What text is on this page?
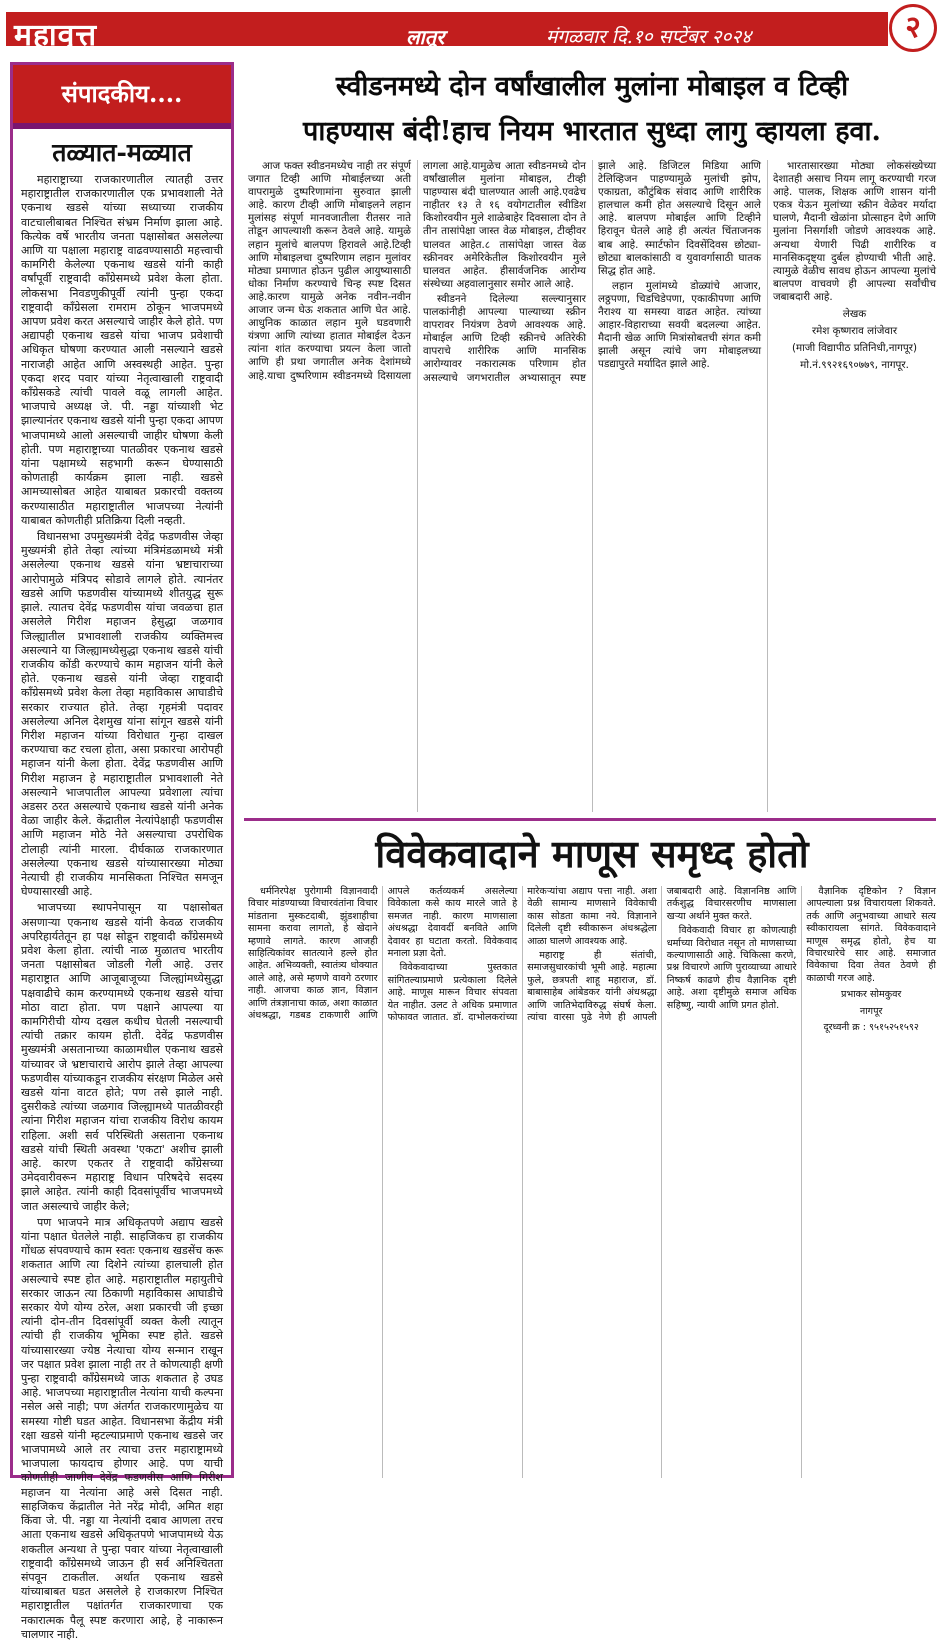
महावृत्त	लातूर	मंगळवार दि.१० सप्टेंबर २०२४	२
संपादकीय....
तळ्यात-मळ्यात

महाराष्ट्राच्या राजकारणातील त्यातही उत्तर महाराष्ट्रातील राजकारणातील एक प्रभावशाली नेते एकनाथ खडसे यांच्या सध्याच्या राजकीय वाटचालीबाबत निश्चित संभ्रम निर्माण झाला आहे. कित्येक वर्षे भारतीय जनता पक्षासोबत असलेल्या आणि या पक्षाला महाराष्ट्र वाढवण्यासाठी महत्त्वाची कामगिरी केलेल्या एकनाथ खडसे यांनी काही वर्षांपूर्वी राष्ट्रवादी काँग्रेसमध्ये प्रवेश केला होता. लोकसभा निवडणुकीपूर्वी त्यांनी पुन्हा एकदा राष्ट्रवादी काँग्रेसला रामराम ठोकून भाजपमध्ये आपण प्रवेश करत असल्याचे जाहीर केले होते. पण अद्यापही एकनाथ खडसे यांचा भाजप प्रवेशाची अधिकृत घोषणा करण्यात आली नसल्याने खडसे नाराजही आहेत आणि अस्वस्थही आहेत. पुन्हा एकदा शरद पवार यांच्या नेतृत्वाखाली राष्ट्रवादी काँग्रेसकडे त्यांची पावले वळू लागली आहेत. भाजपाचे अध्यक्ष जे. पी. नड्डा यांच्याशी भेट झाल्यानंतर एकनाथ खडसे यांनी पुन्हा एकदा आपण भाजपामध्ये आलो असल्याची जाहीर घोषणा केली होती. पण महाराष्ट्राच्या पातळीवर एकनाथ खडसे यांना पक्षामध्ये सहभागी करून घेण्यासाठी कोणताही कार्यक्रम झाला नाही. खडसे आमच्यासोबत आहेत याबाबत प्रकारची वक्तव्य करण्यासाठीत महाराष्ट्रातील भाजपच्या नेत्यांनी याबाबत कोणतीही प्रतिक्रिया दिली नव्हती.

विधानसभा उपमुख्यमंत्री देवेंद्र फडणवीस जेव्हा मुख्यमंत्री होते तेव्हा त्यांच्या मंत्रिमंडळामध्ये मंत्री असलेल्या एकनाथ खडसे यांना भ्रष्टाचाराच्या आरोपामुळे मंत्रिपद सोडावे लागले होते. त्यानंतर खडसे आणि फडणवीस यांच्यामध्ये शीतयुद्ध सुरू झाले. त्यातच देवेंद्र फडणवीस यांचा जवळचा हात असलेले गिरीश महाजन हेसुद्धा जळगाव जिल्ह्यातील प्रभावशाली राजकीय व्यक्तिमत्त्व असल्याने या जिल्ह्यामध्येसुद्धा एकनाथ खडसे यांची राजकीय कोंडी करण्याचे काम महाजन यांनी केले होते. एकनाथ खडसे यांनी जेव्हा राष्ट्रवादी काँग्रेसमध्ये प्रवेश केला तेव्हा महाविकास आघाडीचे सरकार राज्यात होते. तेव्हा गृहमंत्री पदावर असलेल्या अनिल देशमुख यांना सांगून खडसे यांनी गिरीश महाजन यांच्या विरोधात गुन्हा दाखल करण्याचा कट रचला होता, असा प्रकारचा आरोपही महाजन यांनी केला होता. देवेंद्र फडणवीस आणि गिरीश महाजन हे महाराष्ट्रातील प्रभावशाली नेते असल्याने भाजपातील आपल्या प्रवेशाला त्यांचा अडसर ठरत असल्याचे एकनाथ खडसे यांनी अनेक वेळा जाहीर केले. केंद्रातील नेत्यांपेक्षाही फडणवीस आणि महाजन मोठे नेते असल्याचा उपरोधिक टोलाही त्यांनी मारला. दीर्घकाळ राजकारणात असलेल्या एकनाथ खडसे यांच्यासारख्या मोठ्या नेत्याची ही राजकीय मानसिकता निश्चित समजून घेण्यासारखी आहे.

भाजपच्या स्थापनेपासून या पक्षासोबत असणाऱ्या एकनाथ खडसे यांनी केवळ राजकीय अपरिहार्यतेतून हा पक्ष सोडून राष्ट्रवादी काँग्रेसमध्ये प्रवेश केला होता. त्यांची नाळ मुळातच भारतीय जनता पक्षासोबत जोडली गेली आहे. उत्तर महाराष्ट्रात आणि आजूबाजूच्या जिल्ह्यांमध्येसुद्धा पक्षवाढीचे काम करण्यामध्ये एकनाथ खडसे यांचा मोठा वाटा होता. पण पक्षाने आपल्या या कामगिरीची योग्य दखल कधीच घेतली नसल्याची त्यांची तक्रार कायम होती. देवेंद्र फडणवीस मुख्यमंत्री असतानाच्या काळामधील एकनाथ खडसे यांच्यावर जे भ्रष्टाचाराचे आरोप झाले तेव्हा आपल्या फडणवीस यांच्याकडून राजकीय संरक्षण मिळेल असे खडसे यांना वाटत होते; पण तसे झाले नाही. दुसरीकडे त्यांच्या जळगाव जिल्ह्यामध्ये पातळीवरही त्यांना गिरीश महाजन यांचा राजकीय विरोध कायम राहिला. अशी सर्व परिस्थिती असताना एकनाथ खडसे यांची स्थिती अवस्था 'एकटा' अशीच झाली आहे. कारण एकतर ते राष्ट्रवादी काँग्रेसच्या उमेदवारीवरून महाराष्ट्र विधान परिषदेचे सदस्य झाले आहेत. त्यांनी काही दिवसांपूर्वीच भाजपमध्ये जात असल्याचे जाहीर केले;

पण भाजपने मात्र अधिकृतपणे अद्याप खडसे यांना पक्षात घेतलेले नाही. साहजिकच हा राजकीय गोंधळ संपवण्याचे काम स्वतः एकनाथ खडसेंच करू शकतात आणि त्या दिशेने त्यांच्या हालचाली होत असल्याचे स्पष्ट होत आहे. महाराष्ट्रातील महायुतीचे सरकार जाऊन त्या ठिकाणी महाविकास आघाडीचे सरकार येणे योग्य ठरेल, अशा प्रकारची जी इच्छा त्यांनी दोन-तीन दिवसांपूर्वी व्यक्त केली त्यातून त्यांची ही राजकीय भूमिका स्पष्ट होते. खडसे यांच्यासारख्या ज्येष्ठ नेत्याचा योग्य सन्मान राखून जर पक्षात प्रवेश झाला नाही तर ते कोणत्याही क्षणी पुन्हा राष्ट्रवादी काँग्रेसमध्ये जाऊ शकतात हे उघड आहे. भाजपच्या महाराष्ट्रातील नेत्यांना याची कल्पना नसेल असे नाही; पण अंतर्गत राजकारणामुळेच या समस्या गोष्टी घडत आहेत. विधानसभा केंद्रीय मंत्री रक्षा खडसे यांनी म्हटल्याप्रमाणे एकनाथ खडसे जर भाजपामध्ये आले तर त्याचा उत्तर महाराष्ट्रामध्ये भाजपाला फायदाच होणार आहे. पण याची कोणतीही जाणीव देवेंद्र फडणवीस आणि गिरीश महाजन या नेत्यांना आहे असे दिसत नाही. साहजिकच केंद्रातील नेते नरेंद्र मोदी, अमित शहा किंवा जे. पी. नड्डा या नेत्यांनी दबाव आणला तरच आता एकनाथ खडसे अधिकृतपणे भाजपामध्ये येऊ शकतील अन्यथा ते पुन्हा पवार यांच्या नेतृत्वाखाली राष्ट्रवादी काँग्रेसमध्ये जाऊन ही सर्व अनिश्चितता संपवून टाकतील. अर्थात एकनाथ खडसे यांच्याबाबत घडत असलेले हे राजकारण निश्चित महाराष्ट्रातील पक्षांतर्गत राजकारणाचा एक नकारात्मक पैलू स्पष्ट करणारा आहे, हे नाकारून चालणार नाही.

स्वीडनमध्ये दोन वर्षांखालील मुलांना मोबाइल व टिव्ही
पाहण्यास बंदी!हाच नियम भारतात सुध्दा लागु व्हायला हवा.

आज फक्त स्वीडनमध्येच नाही तर संपूर्ण जगात टिव्ही आणि मोबाईलच्या अती वापरामुळे दुष्परिणामांना सुरुवात झाली आहे. कारण टीव्ही आणि मोबाइलने लहान मुलांसह संपूर्ण मानवजातीला रीतसर नाते तोडून आपल्याशी करून ठेवले आहे. यामुळे लहान मुलांचे बालपण हिरावले आहे.टिव्ही आणि मोबाइलचा दुष्परिणाम लहान मुलांवर मोठ्या प्रमाणात होऊन पुढील आयुष्यासाठी धोका निर्माण करण्याचे चिन्ह स्पष्ट दिसत आहे.कारण यामुळे अनेक नवीन-नवीन आजार जन्म घेऊ शकतात आणि घेत आहे. आधुनिक काळात लहान मुले घडवणारी यंत्रणा आणि त्यांच्या हातात मोबाईल देऊन त्यांना शांत करण्याचा प्रयत्न केला जातो आणि ही प्रथा जगातील अनेक देशांमध्ये आहे.याचा दुष्परिणाम स्वीडनमध्ये दिसायला लागला आहे.यामुळेच आता स्वीडनमध्ये दोन वर्षांखालील मुलांना मोबाइल, टीव्ही पाहण्यास बंदी घालण्यात आली आहे.एवढेच नाहीतर १३ ते १६ वयोगटातील स्वीडिश किशोरवयीन मुले शाळेबाहेर दिवसाला दोन ते तीन तासांपेक्षा जास्त वेळ मोबाइल, टीव्हीवर घालवत आहेत.८ तासांपेक्षा जास्त वेळ स्क्रीनवर अमेरिकेतील किशोरवयीन मुले घालवत आहेत. हीसार्वजनिक आरोग्य संस्थेच्या अहवालानुसार समोर आले आहे.

स्वीडनने दिलेल्या सल्ल्यानुसार पालकांनीही आपल्या पाल्याच्या स्क्रीन वापरावर नियंत्रण ठेवणे आवश्यक आहे. मोबाईल आणि टिव्ही स्क्रीनचे अतिरेकी वापराचे शारीरिक आणि मानसिक आरोग्यावर नकारात्मक परिणाम होत असल्याचे जगभरातील अभ्यासातून स्पष्ट झाले आहे. डिजिटल मिडिया आणि टेलिव्हिजन पाहण्यामुळे मुलांची झोप, एकाग्रता, कौटुंबिक संवाद आणि शारीरिक हालचाल कमी होत असल्याचे दिसून आले आहे. बालपण मोबाईल आणि टिव्हीने हिरावून घेतले आहे ही अत्यंत चिंताजनक बाब आहे. स्मार्टफोन दिवसेंदिवस छोट्या-छोट्या बालकांसाठी व युवावर्गासाठी घातक सिद्ध होत आहे.

लहान मुलांमध्ये डोळ्यांचे आजार, लठ्ठपणा, चिडचिडेपणा, एकाकीपणा आणि नैराश्य या समस्या वाढत आहेत. त्यांच्या आहार-विहाराच्या सवयी बदलल्या आहेत. मैदानी खेळ आणि मित्रांसोबतची संगत कमी झाली असून त्यांचे जग मोबाइलच्या पडद्यापुरते मर्यादित झाले आहे.

भारतासारख्या मोठ्या लोकसंख्येच्या देशातही असाच नियम लागू करण्याची गरज आहे. पालक, शिक्षक आणि शासन यांनी एकत्र येऊन मुलांच्या स्क्रीन वेळेवर मर्यादा घालणे, मैदानी खेळांना प्रोत्साहन देणे आणि मुलांना निसर्गाशी जोडणे आवश्यक आहे. अन्यथा येणारी पिढी शारीरिक व मानसिकदृष्ट्या दुर्बल होण्याची भीती आहे. त्यामुळे वेळीच सावध होऊन आपल्या मुलांचे बालपण वाचवणे ही आपल्या सर्वांचीच जबाबदारी आहे.

लेखक

रमेश कृष्णराव लांजेवार

(माजी विद्यापीठ प्रतिनिधी,नागपूर)

मो.नं.९९२१६९०७७९, नागपूर.

विवेकवादाने माणूस समृध्द होतो

धर्मनिरपेक्ष पुरोगामी विज्ञानवादी विचार मांडण्याच्या विचारवंतांना विचार मांडताना मुस्कटदाबी, झुंडशाहीचा सामना करावा लागतो, हे खेदाने म्हणावे लागते. कारण आजही साहित्यिकांवर सातत्याने हल्ले होत आहेत. अभिव्यक्ती, स्वातंत्र्य धोक्यात आले आहे, असे म्हणणे वावगे ठरणार नाही. आजचा काळ ज्ञान, विज्ञान आणि तंत्रज्ञानाचा काळ, अशा काळात अंधश्रद्धा, गडबड टाकणारी आणि आपले कर्तव्यकर्म असलेल्या विवेकाला कसे काय मारले जाते हे समजत नाही. कारण माणसाला अंधश्रद्धा देवावर्दी बनविते आणि देवावर हा घटाता करतो. विवेकवाद मनाला प्रज्ञा देतो.

विवेकवादाच्या पुस्तकात सांगितल्याप्रमाणे प्रत्येकाला दिलेले आहे. माणूस मारून विचार संपवता येत नाहीत. उलट ते अधिक प्रमाणात फोफावत जातात. डॉ. दाभोलकरांच्या मारेकऱ्यांचा अद्याप पत्ता नाही. अशा वेळी सामान्य माणसाने विवेकाची कास सोडता कामा नये. विज्ञानाने दिलेली दृष्टी स्वीकारून अंधश्रद्धेला आळा घालणे आवश्यक आहे.

महाराष्ट्र ही संतांची, समाजसुधारकांची भूमी आहे. महात्मा फुले, छत्रपती शाहू महाराज, डॉ. बाबासाहेब आंबेडकर यांनी अंधश्रद्धा आणि जातिभेदाविरुद्ध संघर्ष केला. त्यांचा वारसा पुढे नेणे ही आपली जबाबदारी आहे. विज्ञाननिष्ठ आणि तर्कशुद्ध विचारसरणीच माणसाला खऱ्या अर्थाने मुक्त करते.

विवेकवादी विचार हा कोणत्याही धर्माच्या विरोधात नसून तो माणसाच्या कल्याणासाठी आहे. चिकित्सा करणे, प्रश्न विचारणे आणि पुराव्याच्या आधारे निष्कर्ष काढणे हीच वैज्ञानिक दृष्टी आहे. अशा दृष्टीमुळे समाज अधिक सहिष्णु, न्यायी आणि प्रगत होतो.

वैज्ञानिक दृष्टिकोन ? विज्ञान आपल्याला प्रश्न विचारायला शिकवते. तर्क आणि अनुभवाच्या आधारे सत्य स्वीकारायला सांगते. विवेकवादाने माणूस समृद्ध होतो, हेच या विचारधारेचे सार आहे. समाजात विवेकाचा दिवा तेवत ठेवणे ही काळाची गरज आहे.

प्रभाकर सोमकुवर

नागपूर

दूरध्वनी क्र : ९५१५२५१५९२
